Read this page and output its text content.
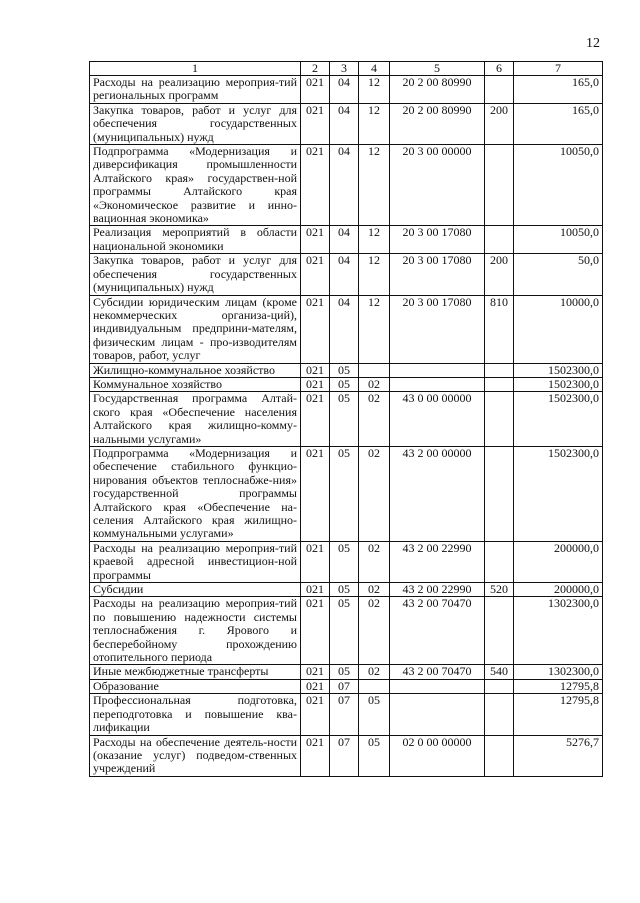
12
1	2	3	4	5	6	7
Расходы на реализацию мероприя-тий региональных программ	021	04	12	20 2 00 80990		165,0
Закупка товаров, работ и услуг для обеспечения государственных (муниципальных) нужд	021	04	12	20 2 00 80990	200	165,0
Подпрограмма «Модернизация и диверсификация промышленности Алтайского края» государствен-ной программы Алтайского края «Экономическое развитие и инно-вационная экономика»	021	04	12	20 3 00 00000		10050,0
Реализация мероприятий в области национальной экономики	021	04	12	20 3 00 17080		10050,0
Закупка товаров, работ и услуг для обеспечения государственных (муниципальных) нужд	021	04	12	20 3 00 17080	200	50,0
Субсидии юридическим лицам (кроме некоммерческих организа-ций), индивидуальным предприни-мателям, физическим лицам - про-изводителям товаров, работ, услуг	021	04	12	20 3 00 17080	810	10000,0
Жилищно-коммунальное хозяйство	021	05				1502300,0
Коммунальное хозяйство	021	05	02			1502300,0
Государственная программа Алтай-ского края «Обеспечение населения Алтайского края жилищно-комму-нальными услугами»	021	05	02	43 0 00 00000		1502300,0
Подпрограмма «Модернизация и обеспечение стабильного функцио-нирования объектов теплоснабже-ния» государственной программы Алтайского края «Обеспечение на-селения Алтайского края жилищно-коммунальными услугами»	021	05	02	43 2 00 00000		1502300,0
Расходы на реализацию мероприя-тий краевой адресной инвестицион-ной программы	021	05	02	43 2 00 22990		200000,0
Субсидии	021	05	02	43 2 00 22990	520	200000,0
Расходы на реализацию мероприя-тий по повышению надежности системы теплоснабжения г. Ярового и бесперебойному прохождению отопительного периода	021	05	02	43 2 00 70470		1302300,0
Иные межбюджетные трансферты	021	05	02	43 2 00 70470	540	1302300,0
Образование	021	07				12795,8
Профессиональная подготовка, переподготовка и повышение ква-лификации	021	07	05			12795,8
Расходы на обеспечение деятель-ности (оказание услуг) подведом-ственных учреждений	021	07	05	02 0 00 00000		5276,7
